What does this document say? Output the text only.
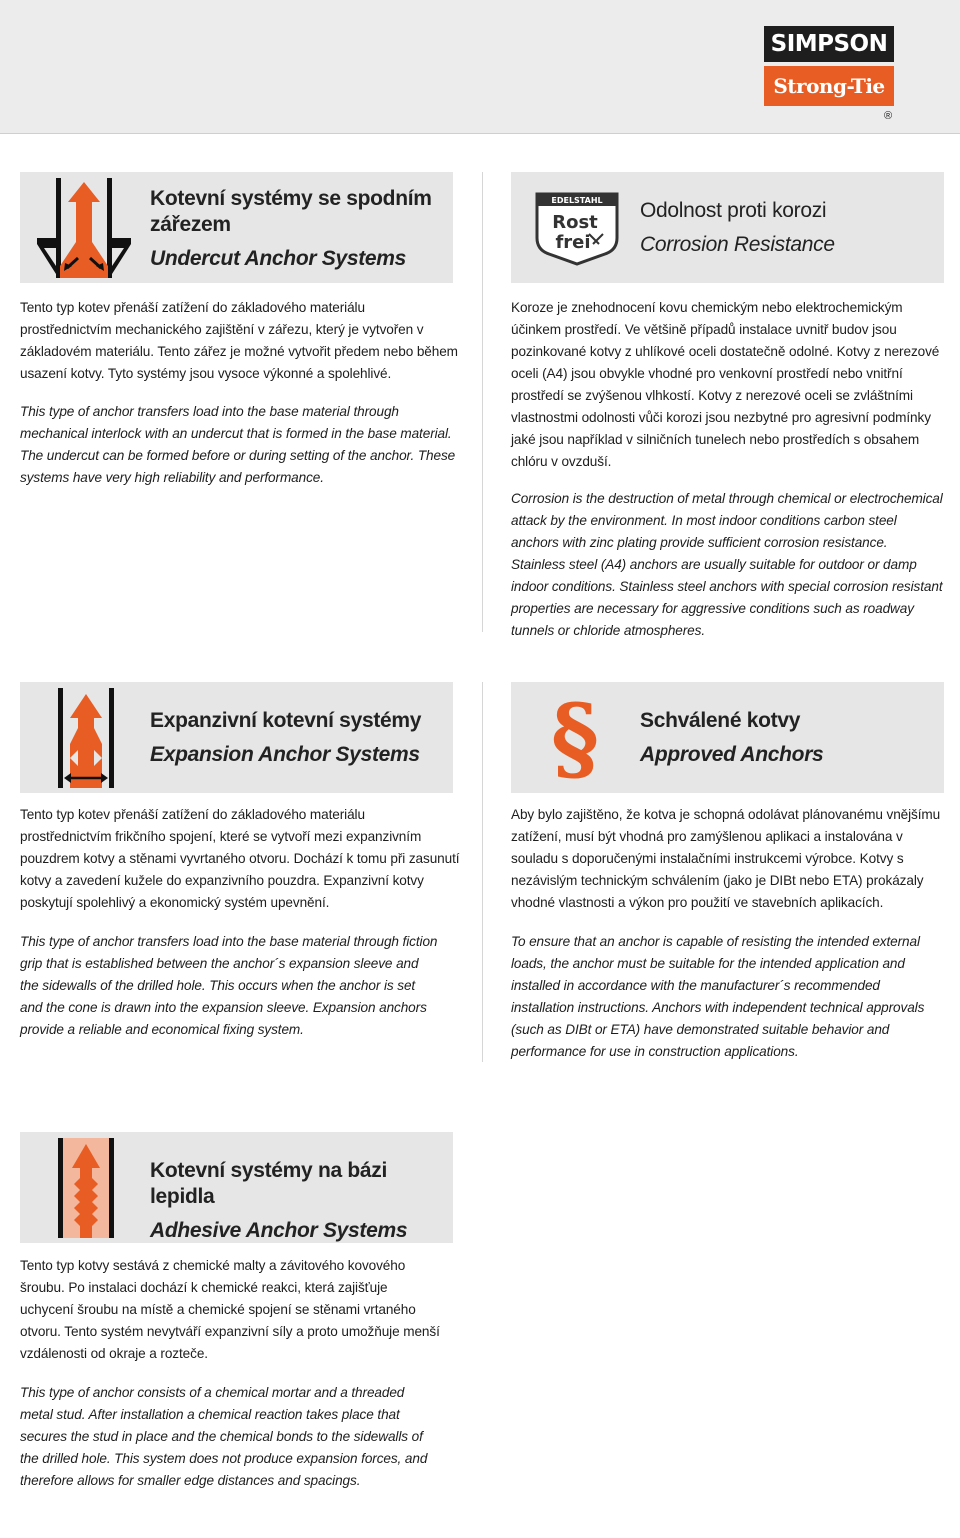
SIMPSON
Strong-Tie
®
Kotevní systémy se spodním zářezem
Undercut Anchor Systems
Tento typ kotev přenáší zatížení do základového materiálu prostřednictvím mechanického zajištění v zářezu, který je vytvořen v základovém materiálu. Tento zářez je možné vytvořit předem nebo během usazení kotvy. Tyto systémy jsou vysoce výkonné a spolehlivé.
This type of anchor transfers load into the base material through mechanical interlock with an undercut that is formed in the base material. The undercut can be formed before or during setting of the anchor. These systems have very high reliability and performance.
EDELSTAHL
Rost
frei
Odolnost proti korozi
Corrosion Resistance
Koroze je znehodnocení kovu chemickým nebo elektrochemickým účinkem prostředí. Ve většině případů instalace uvnitř budov jsou pozinkované kotvy z uhlíkové oceli dostatečně odolné. Kotvy z nerezové oceli (A4) jsou obvykle vhodné pro venkovní prostředí nebo vnitřní prostředí se zvýšenou vlhkostí. Kotvy z nerezové oceli se zvláštními vlastnostmi odolnosti vůči korozi jsou nezbytné pro agresivní podmínky jaké jsou například v silničních tunelech nebo prostředích s obsahem chlóru v ovzduší.
Corrosion is the destruction of metal through chemical or electrochemical attack by the environment. In most indoor conditions carbon steel anchors with zinc plating provide sufficient corrosion resistance. Stainless steel (A4) anchors are usually suitable for outdoor or damp indoor conditions. Stainless steel anchors with special corrosion resistant properties are necessary for aggressive conditions such as roadway tunnels or chloride atmospheres.
Expanzivní kotevní systémy
Expansion Anchor Systems
Tento typ kotev přenáší zatížení do základového materiálu prostřednictvím frikčního spojení, které se vytvoří mezi expanzivním pouzdrem kotvy a stěnami vyvrtaného otvoru. Dochází k tomu při zasunutí kotvy a zavedení kužele do expanzivního pouzdra. Expanzivní kotvy poskytují spolehlivý a ekonomický systém upevnění.
This type of anchor transfers load into the base material through fiction grip that is established between the anchor´s expansion sleeve and the sidewalls of the drilled hole. This occurs when the anchor is set and the cone is drawn into the expansion sleeve. Expansion anchors provide a reliable and economical fixing system.
§	Schválené kotvy
Approved Anchors
Aby bylo zajištěno, že kotva je schopná odolávat plánovanému vnějšímu zatížení, musí být vhodná pro zamýšlenou aplikaci a instalována v souladu s doporučenými instalačními instrukcemi výrobce. Kotvy s nezávislým technickým schválením (jako je DIBt nebo ETA) prokázaly vhodné vlastnosti a výkon pro použití ve stavebních aplikacích.
To ensure that an anchor is capable of resisting the intended external loads, the anchor must be suitable for the intended application and installed in accordance with the manufacturer´s recommended installation instructions. Anchors with independent technical approvals (such as DIBt or ETA) have demonstrated suitable behavior and performance for use in construction applications.
Kotevní systémy na bázi lepidla
Adhesive Anchor Systems
Tento typ kotvy sestává z chemické malty a závitového kovového šroubu. Po instalaci dochází k chemické reakci, která zajišťuje uchycení šroubu na místě a chemické spojení se stěnami vrtaného otvoru. Tento systém nevytváří expanzivní síly a proto umožňuje menší vzdálenosti od okraje a rozteče.
This type of anchor consists of a chemical mortar and a threaded metal stud. After installation a chemical reaction takes place that secures the stud in place and the chemical bonds to the sidewalls of the drilled hole. This system does not produce expansion forces, and therefore allows for smaller edge distances and spacings.
